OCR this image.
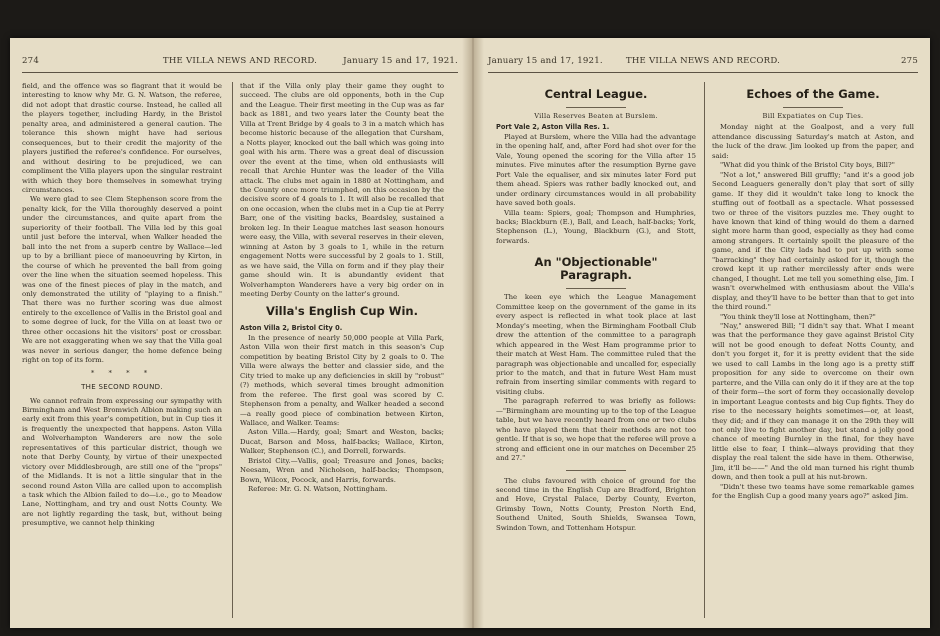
274	THE VILLA NEWS AND RECORD.	January 15 and 17, 1921.

field, and the offence was so flagrant that it would be interesting to know why Mr. G. N. Watson, the referee, did not adopt that drastic course. Instead, he called all the players together, including Hardy, in the Bristol penalty area, and administered a general caution. The tolerance this shown might have had serious consequences, but to their credit the majority of the players justified the referee's confidence. For ourselves, and without desiring to be prejudiced, we can compliment the Villa players upon the singular restraint with which they bore themselves in somewhat trying circumstances.

We were glad to see Clem Stephenson score from the penalty kick, for the Villa thoroughly deserved a point under the circumstances, and quite apart from the superiority of their football. The Villa led by this goal until just before the interval, when Walker headed the ball into the net from a superb centre by Wallace—led up to by a brilliant piece of manoeuvring by Kirton, in the course of which he prevented the ball from going over the line when the situation seemed hopeless. This was one of the finest pieces of play in the match, and only demonstrated the utility of "playing to a finish." That there was no further scoring was due almost entirely to the excellence of Vallis in the Bristol goal and to some degree of luck, for the Villa on at least two or three other occasions hit the visitors' post or crossbar. We are not exaggerating when we say that the Villa goal was never in serious danger, the home defence being right on top of its form.

* * * *
THE SECOND ROUND.

We cannot refrain from expressing our sympathy with Birmingham and West Bromwich Albion making such an early exit from this year's competition, but in Cup ties it is frequently the unexpected that happens. Aston Villa and Wolverhampton Wanderers are now the sole representatives of this particular district, though we note that Derby County, by virtue of their unexpected victory over Middlesbrough, are still one of the "props" of the Midlands. It is not a little singular that in the second round Aston Villa are called upon to accomplish a task which the Albion failed to do—i.e., go to Meadow Lane, Nottingham, and try and oust Notts County. We are not lightly regarding the task, but, without being presumptive, we cannot help thinking

that if the Villa only play their game they ought to succeed. The clubs are old opponents, both in the Cup and the League. Their first meeting in the Cup was as far back as 1881, and two years later the County beat the Villa at Trent Bridge by 4 goals to 3 in a match which has become historic because of the allegation that Cursham, a Notts player, knocked out the ball which was going into goal with his arm. There was a great deal of discussion over the event at the time, when old enthusiasts will recall that Archie Hunter was the leader of the Villa attack. The clubs met again in 1880 at Nottingham, and the County once more triumphed, on this occasion by the decisive score of 4 goals to 1. It will also be recalled that on one occasion, when the clubs met in a Cup tie at Perry Barr, one of the visiting backs, Beardsley, sustained a broken leg. In their League matches last season honours were easy, the Villa, with several reserves in their eleven, winning at Aston by 3 goals to 1, while in the return engagement Notts were successful by 2 goals to 1. Still, as we have said, the Villa on form and if they play their game should win. It is abundantly evident that Wolverhampton Wanderers have a very big order on in meeting Derby County on the latter's ground.

Villa's English Cup Win.
Aston Villa 2, Bristol City 0.

In the presence of nearly 50,000 people at Villa Park, Aston Villa won their first match in this season's Cup competition by beating Bristol City by 2 goals to 0. The Villa were always the better and classier side, and the City tried to make up any deficiencies in skill by "robust" (?) methods, which several times brought admonition from the referee. The first goal was scored by C. Stephenson from a penalty, and Walker headed a second—a really good piece of combination between Kirton, Wallace, and Walker. Teams:

Aston Villa.—Hardy, goal; Smart and Weston, backs; Ducat, Barson and Moss, half-backs; Wallace, Kirton, Walker, Stephenson (C.), and Dorrell, forwards.

Bristol City.—Vallis, goal; Treasure and Jones, backs; Neesam, Wren and Nicholson, half-backs; Thompson, Bown, Wilcox, Pocock, and Harris, forwards.

Referee: Mr. G. N. Watson, Nottingham.

January 15 and 17, 1921.	THE VILLA NEWS AND RECORD.	275
Central League.
Villa Reserves Beaten at Burslem.
Port Vale 2, Aston Villa Res. 1.

Played at Burslem, where the Villa had the advantage in the opening half, and, after Ford had shot over for the Vale, Young opened the scoring for the Villa after 15 minutes. Five minutes after the resumption Byrne gave Port Vale the equaliser, and six minutes later Ford put them ahead. Spiers was rather badly knocked out, and under ordinary circumstances would in all probability have saved both goals.

Villa team: Spiers, goal; Thompson and Humphries, backs; Blackburn (E.), Ball, and Leach, half-backs; York, Stephenson (L.), Young, Blackburn (G.), and Stott, forwards.

An "Objectionable"
Paragraph.

The keen eye which the League Management Committee keep on the government of the game in its every aspect is reflected in what took place at last Monday's meeting, when the Birmingham Football Club drew the attention of the committee to a paragraph which appeared in the West Ham programme prior to their match at West Ham. The committee ruled that the paragraph was objectionable and uncalled for, especially prior to the match, and that in future West Ham must refrain from inserting similar comments with regard to visiting clubs.

The paragraph referred to was briefly as follows:—"Birmingham are mounting up to the top of the League table, but we have recently heard from one or two clubs who have played them that their methods are not too gentle. If that is so, we hope that the referee will prove a strong and efficient one in our matches on December 25 and 27."

The clubs favoured with choice of ground for the second time in the English Cup are Bradford, Brighton and Hove, Crystal Palace, Derby County, Everton, Grimsby Town, Notts County, Preston North End, Southend United, South Shields, Swansea Town, Swindon Town, and Tottenham Hotspur.

Echoes of the Game.
Bill Expatiates on Cup Ties.

Monday night at the Goalpost, and a very full attendance discussing Saturday's match at Aston, and the luck of the draw. Jim looked up from the paper, and said:

"What did you think of the Bristol City boys, Bill?"

"Not a lot," answered Bill gruffly; "and it's a good job Second Leaguers generally don't play that sort of silly game. If they did it wouldn't take long to knock the stuffing out of football as a spectacle. What possessed two or three of the visitors puzzles me. They ought to have known that kind of thing would do them a darned sight more harm than good, especially as they had come among strangers. It certainly spoilt the pleasure of the game, and if the City lads had to put up with some "barracking" they had certainly asked for it, though the crowd kept it up rather mercilessly after ends were changed, I thought. Let me tell you something else, Jim. I wasn't overwhelmed with enthusiasm about the Villa's display, and they'll have to be better than that to get into the third round."

"You think they'll lose at Nottingham, then?"

"Nay," answered Bill; "I didn't say that. What I meant was that the performance they gave against Bristol City will not be good enough to defeat Notts County, and don't you forget it, for it is pretty evident that the side we used to call Lambs in the long ago is a pretty stiff proposition for any side to overcome on their own parterre, and the Villa can only do it if they are at the top of their form—the sort of form they occasionally develop in important League contests and big Cup fights. They do rise to the necessary heights sometimes—or, at least, they did; and if they can manage it on the 29th they will not only live to fight another day, but stand a jolly good chance of meeting Burnley in the final, for they have little else to fear, I think—always providing that they display the real talent the side have in them. Otherwise, Jim, it'll be——" And the old man turned his right thumb down, and then took a pull at his nut-brown.

"Didn't these two teams have some remarkable games for the English Cup a good many years ago?" asked Jim.
